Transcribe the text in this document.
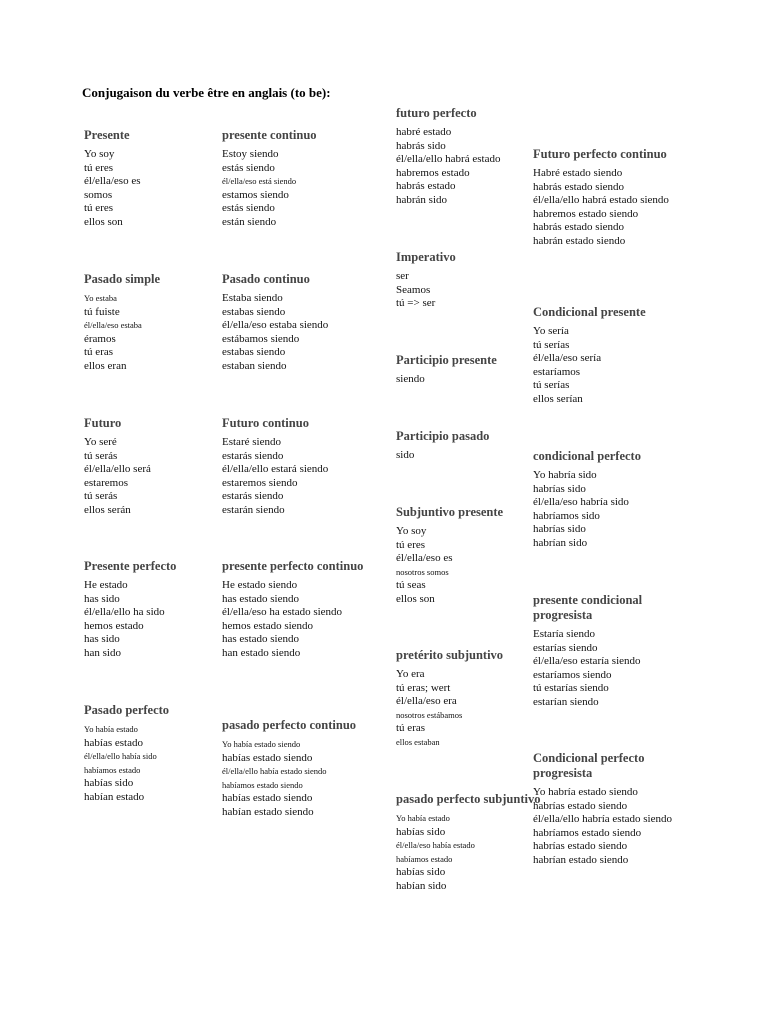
Conjugaison du verbe être en anglais (to be):
Presente
Yo soy
tú eres
él/ella/eso es
somos
tú eres
ellos son
Pasado simple
Yo estaba
tú fuiste
él/ella/eso estaba
éramos
tú eras
ellos eran
Futuro
Yo seré
tú serás
él/ella/ello será
estaremos
tú serás
ellos serán
Presente perfecto
He estado
has sido
él/ella/ello ha sido
hemos estado
has sido
han sido
Pasado perfecto
Yo había estado
habías estado
él/ella/ello había sido
habíamos estado
habías sido
habían estado
presente continuo
Estoy siendo
estás siendo
él/ella/eso está siendo
estamos siendo
estás siendo
están siendo
Pasado continuo
Estaba siendo
estabas siendo
él/ella/eso estaba siendo
estábamos siendo
estabas siendo
estaban siendo
Futuro continuo
Estaré siendo
estarás siendo
él/ella/ello estará siendo
estaremos siendo
estarás siendo
estarán siendo
presente perfecto continuo
He estado siendo
has estado siendo
él/ella/eso ha estado siendo
hemos estado siendo
has estado siendo
han estado siendo
pasado perfecto continuo
Yo había estado siendo
habías estado siendo
él/ella/ello había estado siendo
habíamos estado siendo
habías estado siendo
habían estado siendo
futuro perfecto
habré estado
habrás sido
él/ella/ello habrá estado
habremos estado
habrás estado
habrán sido
Imperativo
ser
Seamos
tú => ser
Participio presente
siendo
Participio pasado
sido
Subjuntivo presente
Yo soy
tú eres
él/ella/eso es
nosotros somos
tú seas
ellos son
pretérito subjuntivo
Yo era
tú eras; wert
él/ella/eso era
nosotros estábamos
tú eras
ellos estaban
pasado perfecto subjuntivo
Yo había estado
habías sido
él/ella/eso había estado
habíamos estado
habías sido
habían sido
Futuro perfecto continuo
Habré estado siendo
habrás estado siendo
él/ella/ello habrá estado siendo
habremos estado siendo
habrás estado siendo
habrán estado siendo
Condicional presente
Yo sería
tú serías
él/ella/eso sería
estaríamos
tú serías
ellos serían
condicional perfecto
Yo habría sido
habrías sido
él/ella/eso habría sido
habríamos sido
habrías sido
habrían sido
presente condicional progresista
Estaría siendo
estarías siendo
él/ella/eso estaría siendo
estaríamos siendo
tú estarías siendo
estarían siendo
Condicional perfecto progresista
Yo habría estado siendo
habrías estado siendo
él/ella/ello habría estado siendo
habríamos estado siendo
habrías estado siendo
habrían estado siendo
